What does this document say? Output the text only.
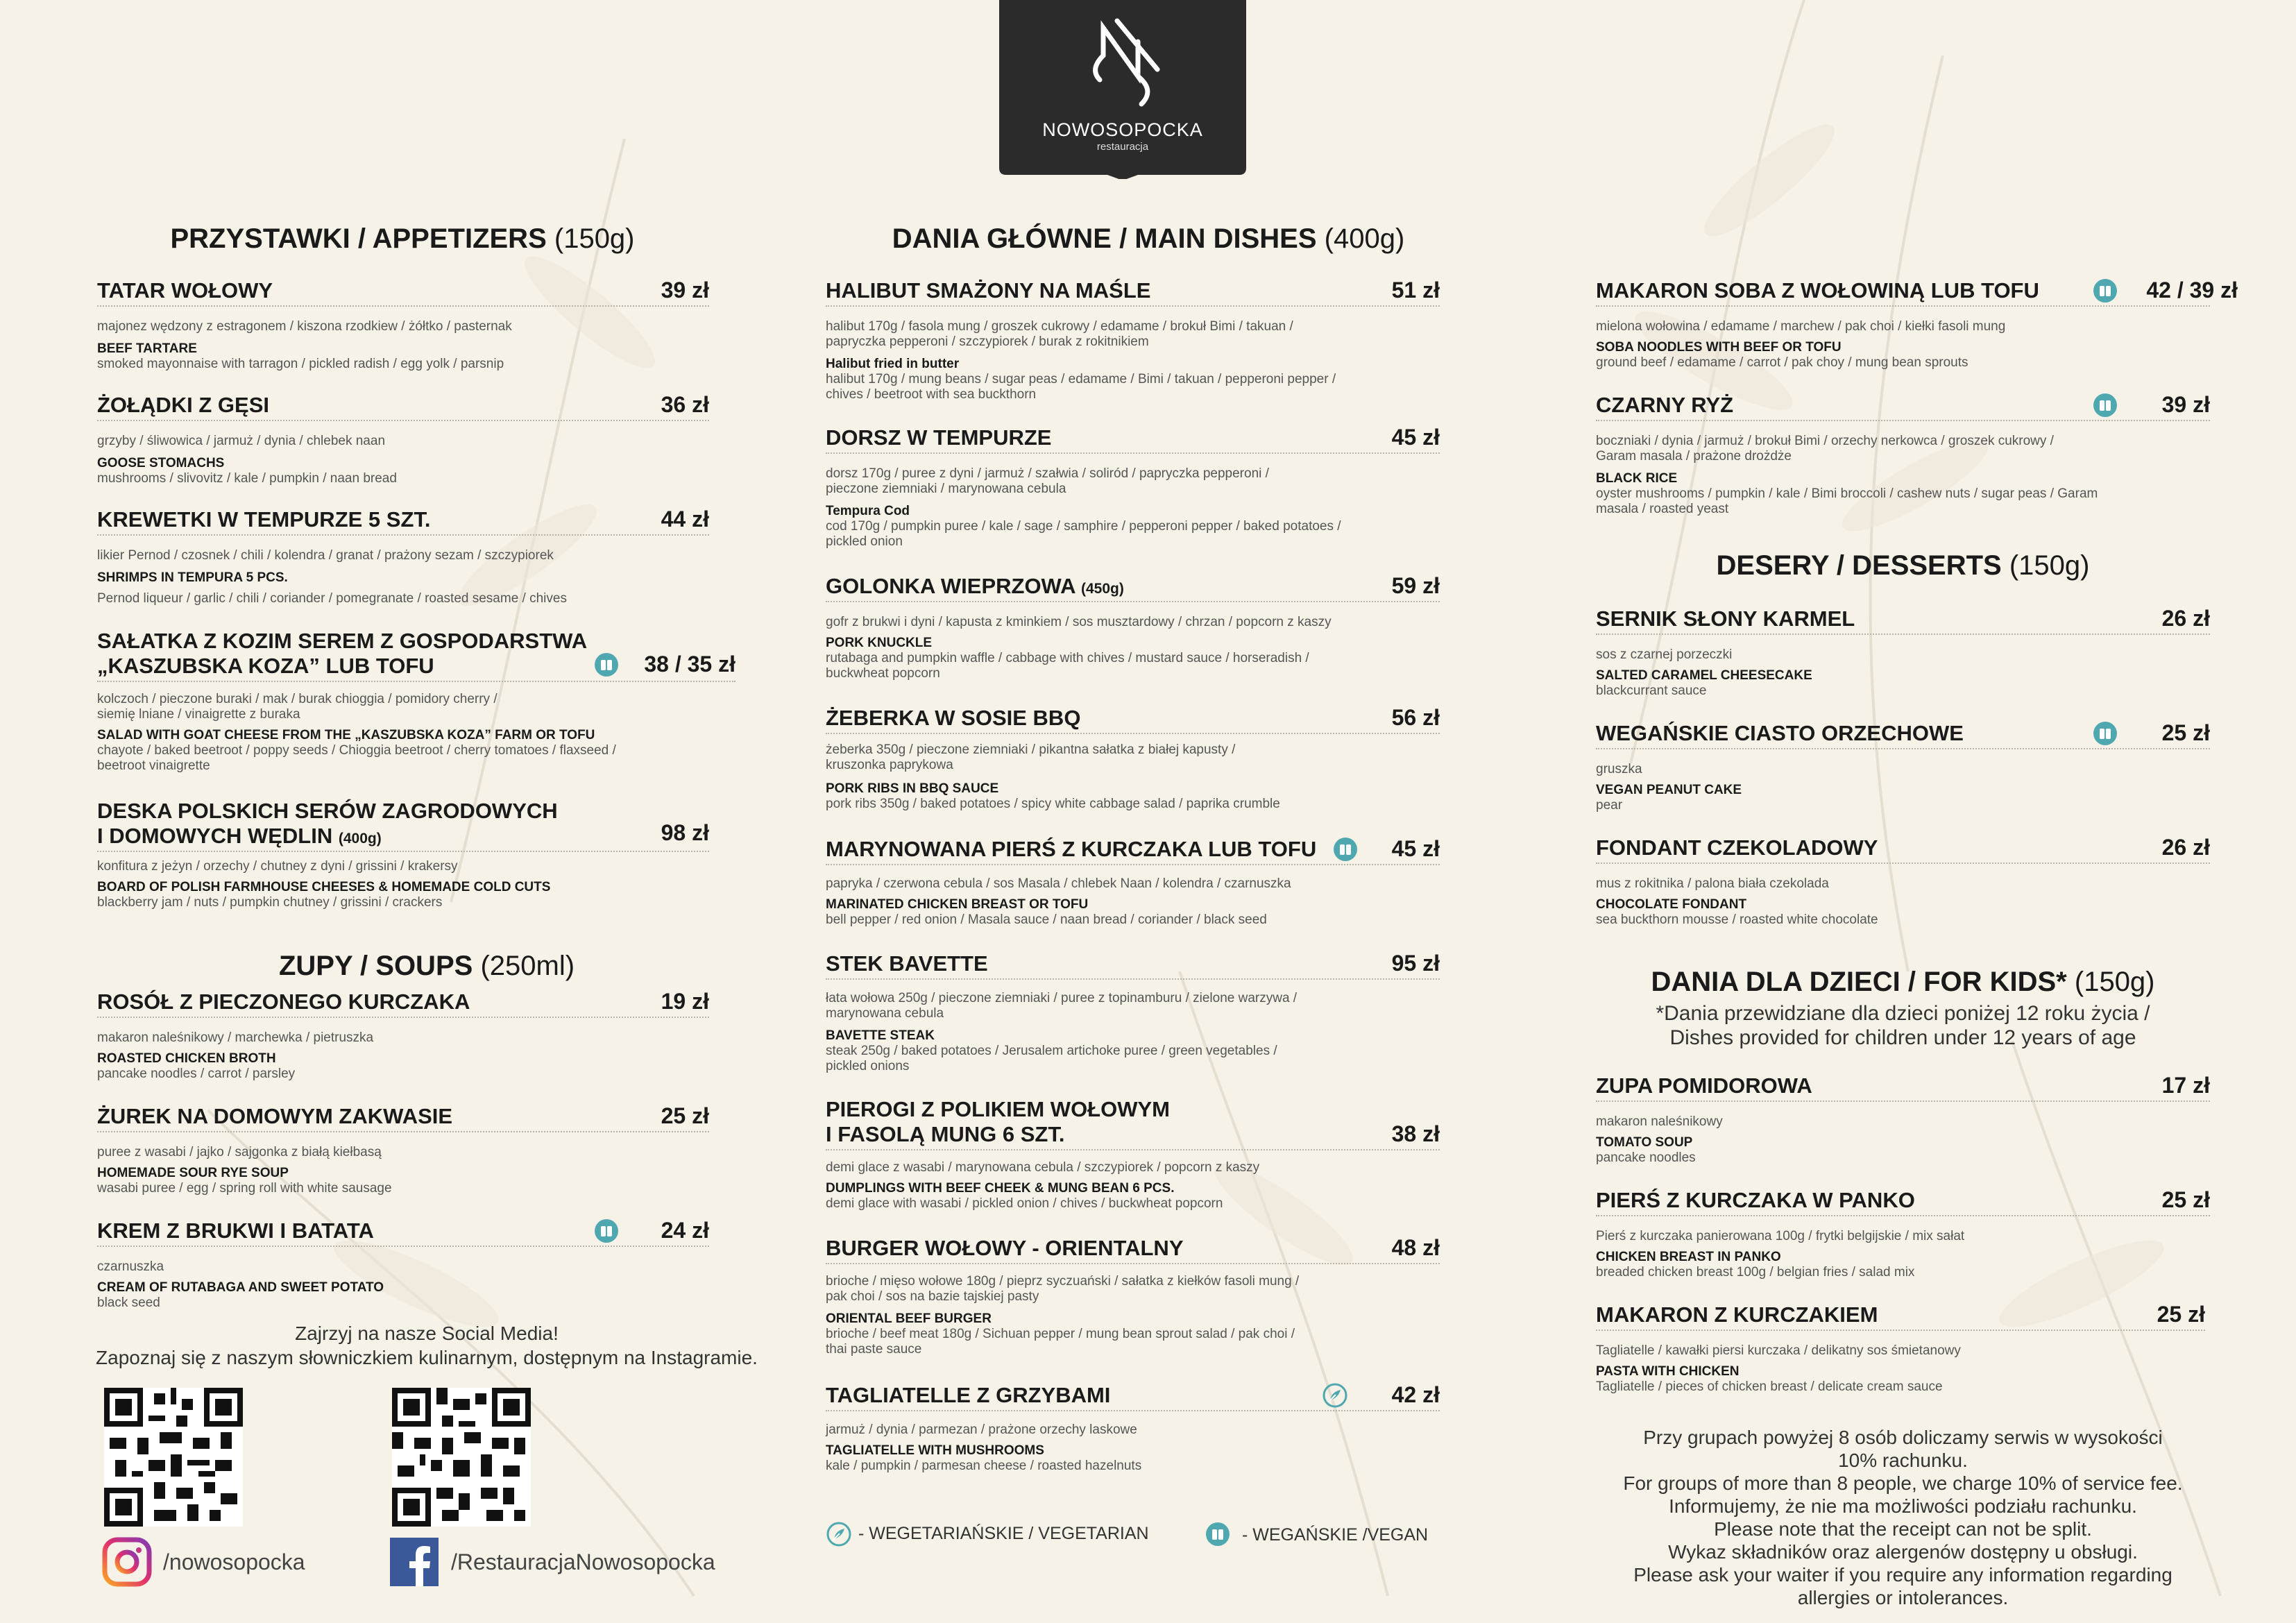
NOWOSOPOCKA
restauracja
PRZYSTAWKI / APPETIZERS (150g)
TATAR WOŁOWY	39 zł
majonez wędzony z estragonem / kiszona rzodkiew / żółtko / pasternak
BEEF TARTARE
smoked mayonnaise with tarragon / pickled radish / egg yolk / parsnip
ŻOŁĄDKI Z GĘSI	36 zł
grzyby / śliwowica / jarmuż / dynia / chlebek naan
GOOSE STOMACHS
mushrooms / slivovitz / kale / pumpkin / naan bread
KREWETKI W TEMPURZE 5 SZT.	44 zł
likier Pernod / czosnek / chili / kolendra / granat / prażony sezam / szczypiorek
SHRIMPS IN TEMPURA 5 PCS.
Pernod liqueur / garlic / chili / coriander / pomegranate / roasted sesame / chives
SAŁATKA Z KOZIM SEREM Z GOSPODARSTWA
„KASZUBSKA KOZA” LUB TOFU	38 / 35 zł
kolczoch / pieczone buraki / mak / burak chioggia / pomidory cherry /
siemię lniane / vinaigrette z buraka
SALAD WITH GOAT CHEESE FROM THE „KASZUBSKA KOZA” FARM OR TOFU
chayote / baked beetroot / poppy seeds / Chioggia beetroot / cherry tomatoes / flaxseed /
beetroot vinaigrette
DESKA POLSKICH SERÓW ZAGRODOWYCH
I DOMOWYCH WĘDLIN (400g)	98 zł
konfitura z jeżyn / orzechy / chutney z dyni / grissini / krakersy
BOARD OF POLISH FARMHOUSE CHEESES & HOMEMADE COLD CUTS
blackberry jam / nuts / pumpkin chutney / grissini / crackers
ZUPY / SOUPS (250ml)
ROSÓŁ Z PIECZONEGO KURCZAKA	19 zł
makaron naleśnikowy / marchewka / pietruszka
ROASTED CHICKEN BROTH
pancake noodles / carrot / parsley
ŻUREK NA DOMOWYM ZAKWASIE	25 zł
puree z wasabi / jajko / sajgonka z białą kiełbasą
HOMEMADE SOUR RYE SOUP
wasabi puree / egg / spring roll with white sausage
KREM Z BRUKWI I BATATA	24 zł
czarnuszka
CREAM OF RUTABAGA AND SWEET POTATO
black seed
Zajrzyj na nasze Social Media!
Zapoznaj się z naszym słowniczkiem kulinarnym, dostępnym na Instagramie.
/nowosopocka	/RestauracjaNowosopocka
DANIA GŁÓWNE / MAIN DISHES (400g)
HALIBUT SMAŻONY NA MAŚLE	51 zł
halibut 170g / fasola mung / groszek cukrowy / edamame / brokuł Bimi / takuan /
papryczka pepperoni / szczypiorek / burak z rokitnikiem
Halibut fried in butter
halibut 170g / mung beans / sugar peas / edamame / Bimi / takuan / pepperoni pepper /
chives / beetroot with sea buckthorn
DORSZ W TEMPURZE	45 zł
dorsz 170g / puree z dyni / jarmuż / szałwia / soliród / papryczka pepperoni /
pieczone ziemniaki / marynowana cebula
Tempura Cod
cod 170g / pumpkin puree / kale / sage / samphire / pepperoni pepper / baked potatoes /
pickled onion
GOLONKA WIEPRZOWA (450g)	59 zł
gofr z brukwi i dyni / kapusta z kminkiem / sos musztardowy / chrzan / popcorn z kaszy
PORK KNUCKLE
rutabaga and pumpkin waffle / cabbage with chives / mustard sauce / horseradish /
buckwheat popcorn
ŻEBERKA W SOSIE BBQ	56 zł
żeberka 350g / pieczone ziemniaki / pikantna sałatka z białej kapusty /
kruszonka paprykowa
PORK RIBS IN BBQ SAUCE
pork ribs 350g / baked potatoes / spicy white cabbage salad / paprika crumble
MARYNOWANA PIERŚ Z KURCZAKA LUB TOFU	45 zł
papryka / czerwona cebula / sos Masala / chlebek Naan / kolendra / czarnuszka
MARINATED CHICKEN BREAST OR TOFU
bell pepper / red onion / Masala sauce / naan bread / coriander / black seed
STEK BAVETTE	95 zł
łata wołowa 250g / pieczone ziemniaki / puree z topinamburu / zielone warzywa /
marynowana cebula
BAVETTE STEAK
steak 250g / baked potatoes / Jerusalem artichoke puree / green vegetables /
pickled onions
PIEROGI Z POLIKIEM WOŁOWYM
I FASOLĄ MUNG 6 SZT.	38 zł
demi glace z wasabi / marynowana cebula / szczypiorek / popcorn z kaszy
DUMPLINGS WITH BEEF CHEEK & MUNG BEAN 6 PCS.
demi glace with wasabi / pickled onion / chives / buckwheat popcorn
BURGER WOŁOWY - ORIENTALNY	48 zł
brioche / mięso wołowe 180g / pieprz syczuański / sałatka z kiełków fasoli mung /
pak choi / sos na bazie tajskiej pasty
ORIENTAL BEEF BURGER
brioche / beef meat 180g / Sichuan pepper / mung bean sprout salad / pak choi /
thai paste sauce
TAGLIATELLE Z GRZYBAMI	42 zł
jarmuż / dynia / parmezan / prażone orzechy laskowe
TAGLIATELLE WITH MUSHROOMS
kale / pumpkin / parmesan cheese / roasted hazelnuts
- WEGETARIAŃSKIE / VEGETARIAN	- WEGAŃSKIE /VEGAN
MAKARON SOBA Z WOŁOWINĄ LUB TOFU	42 / 39 zł
mielona wołowina / edamame / marchew / pak choi / kiełki fasoli mung
SOBA NOODLES WITH BEEF OR TOFU
ground beef / edamame / carrot / pak choy / mung bean sprouts
CZARNY RYŻ	39 zł
boczniaki / dynia / jarmuż / brokuł Bimi / orzechy nerkowca / groszek cukrowy /
Garam masala / prażone drożdże
BLACK RICE
oyster mushrooms / pumpkin / kale / Bimi broccoli / cashew nuts / sugar peas / Garam
masala / roasted yeast
DESERY / DESSERTS (150g)
SERNIK SŁONY KARMEL	26 zł
sos z czarnej porzeczki
SALTED CARAMEL CHEESECAKE
blackcurrant sauce
WEGAŃSKIE CIASTO ORZECHOWE	25 zł
gruszka
VEGAN PEANUT CAKE
pear
FONDANT CZEKOLADOWY	26 zł
mus z rokitnika / palona biała czekolada
CHOCOLATE FONDANT
sea buckthorn mousse / roasted white chocolate
DANIA DLA DZIECI / FOR KIDS* (150g)
*Dania przewidziane dla dzieci poniżej 12 roku życia /
Dishes provided for children under 12 years of age
ZUPA POMIDOROWA	17 zł
makaron naleśnikowy
TOMATO SOUP
pancake noodles
PIERŚ Z KURCZAKA W PANKO	25 zł
Pierś z kurczaka panierowana 100g / frytki belgijskie / mix sałat
CHICKEN BREAST IN PANKO
breaded chicken breast 100g / belgian fries / salad mix
MAKARON Z KURCZAKIEM	25 zł
Tagliatelle / kawałki piersi kurczaka / delikatny sos śmietanowy
PASTA WITH CHICKEN
Tagliatelle / pieces of chicken breast / delicate cream sauce
Przy grupach powyżej 8 osób doliczamy serwis w wysokości
10% rachunku.
For groups of more than 8 people, we charge 10% of service fee.
Informujemy, że nie ma możliwości podziału rachunku.
Please note that the receipt can not be split.
Wykaz składników oraz alergenów dostępny u obsługi.
Please ask your waiter if you require any information regarding
allergies or intolerances.
